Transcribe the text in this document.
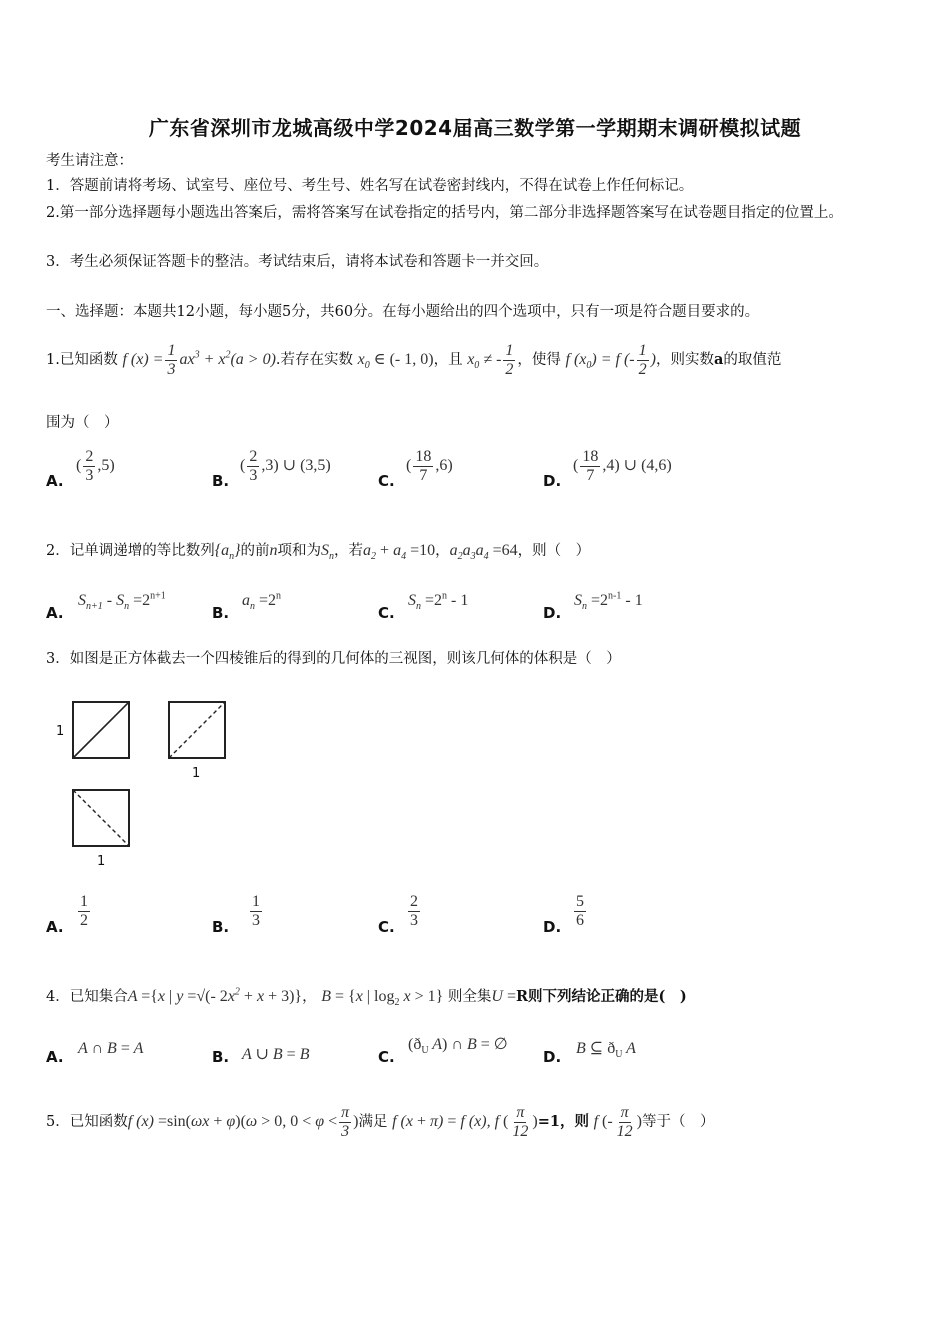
广东省深圳市龙城高级中学2024届高三数学第一学期期末调研模拟试题
考生请注意：
1．答题前请将考场、试室号、座位号、考生号、姓名写在试卷密封线内，不得在试卷上作任何标记。
2.第一部分选择题每小题选出答案后，需将答案写在试卷指定的括号内，第二部分非选择题答案写在试卷题目指定的位置上。
3．考生必须保证答题卡的整洁。考试结束后，请将本试卷和答题卡一并交回。
一、选择题：本题共12小题，每小题5分，共60分。在每小题给出的四个选项中，只有一项是符合题目要求的。
1.已知函数 f $(x) = \frac{1}{3} ax^3 + x^2(a > 0)$.若存在实数 $x_0$ ∈ (- 1, 0)，且 $x_0$ ≠ - $\frac{1}{2}$ ，使得 f $(x_0) = f$ (- $\frac{1}{2}$ )，则实数a的取值范
围为（　）
A.
( $\frac{2}{3} ,5$)
B.
( $\frac{2}{3} ,3$) ∪ (3,5)
C.
( $\frac{18}{7} ,6$)
D.
( $\frac{18}{7} ,4$) ∪ (4,6)
2．记单调递增的等比数列$\{a_n\}$的前n项和为$S_n$，若$a_2 + a_4 =10$，$a_2a_3a_4 =64$，则（　）
A.
$S_{n+1} - S_n =2^{n+1}$
B.
$a_n =2^n$
C.
$S_n =2^n - 1$
D.
$S_n =2^{n-1} - 1$
3．如图是正方体截去一个四棱锥后的得到的几何体的三视图，则该几何体的体积是（　）
1
1
1
A. $\frac{1}{2}$	B. $\frac{1}{3}$	C. $\frac{2}{3}$	D. $\frac{5}{6}$
4．已知集合A ={x | y =√(- $2x^2 + x + 3$)}， B = {x | $\log_2 x > 1$} 则全集U =R则下列结论正确的是(　)
A. A ∩ B = A	B. A ∪ B = B	C.
($ð_U$ A) ∩ B = ∅
D. B ⊆ $ð_U$ A
5．已知函数f (x) =sin(ωx + φ)(ω > 0, $0 < \varphi < \frac{\pi}{3}$ )满足 f (x + π) = f (x), f ( $\frac{\pi}{12} )=1$，则 f (- $\frac{\pi}{12}$ )等于（　）
